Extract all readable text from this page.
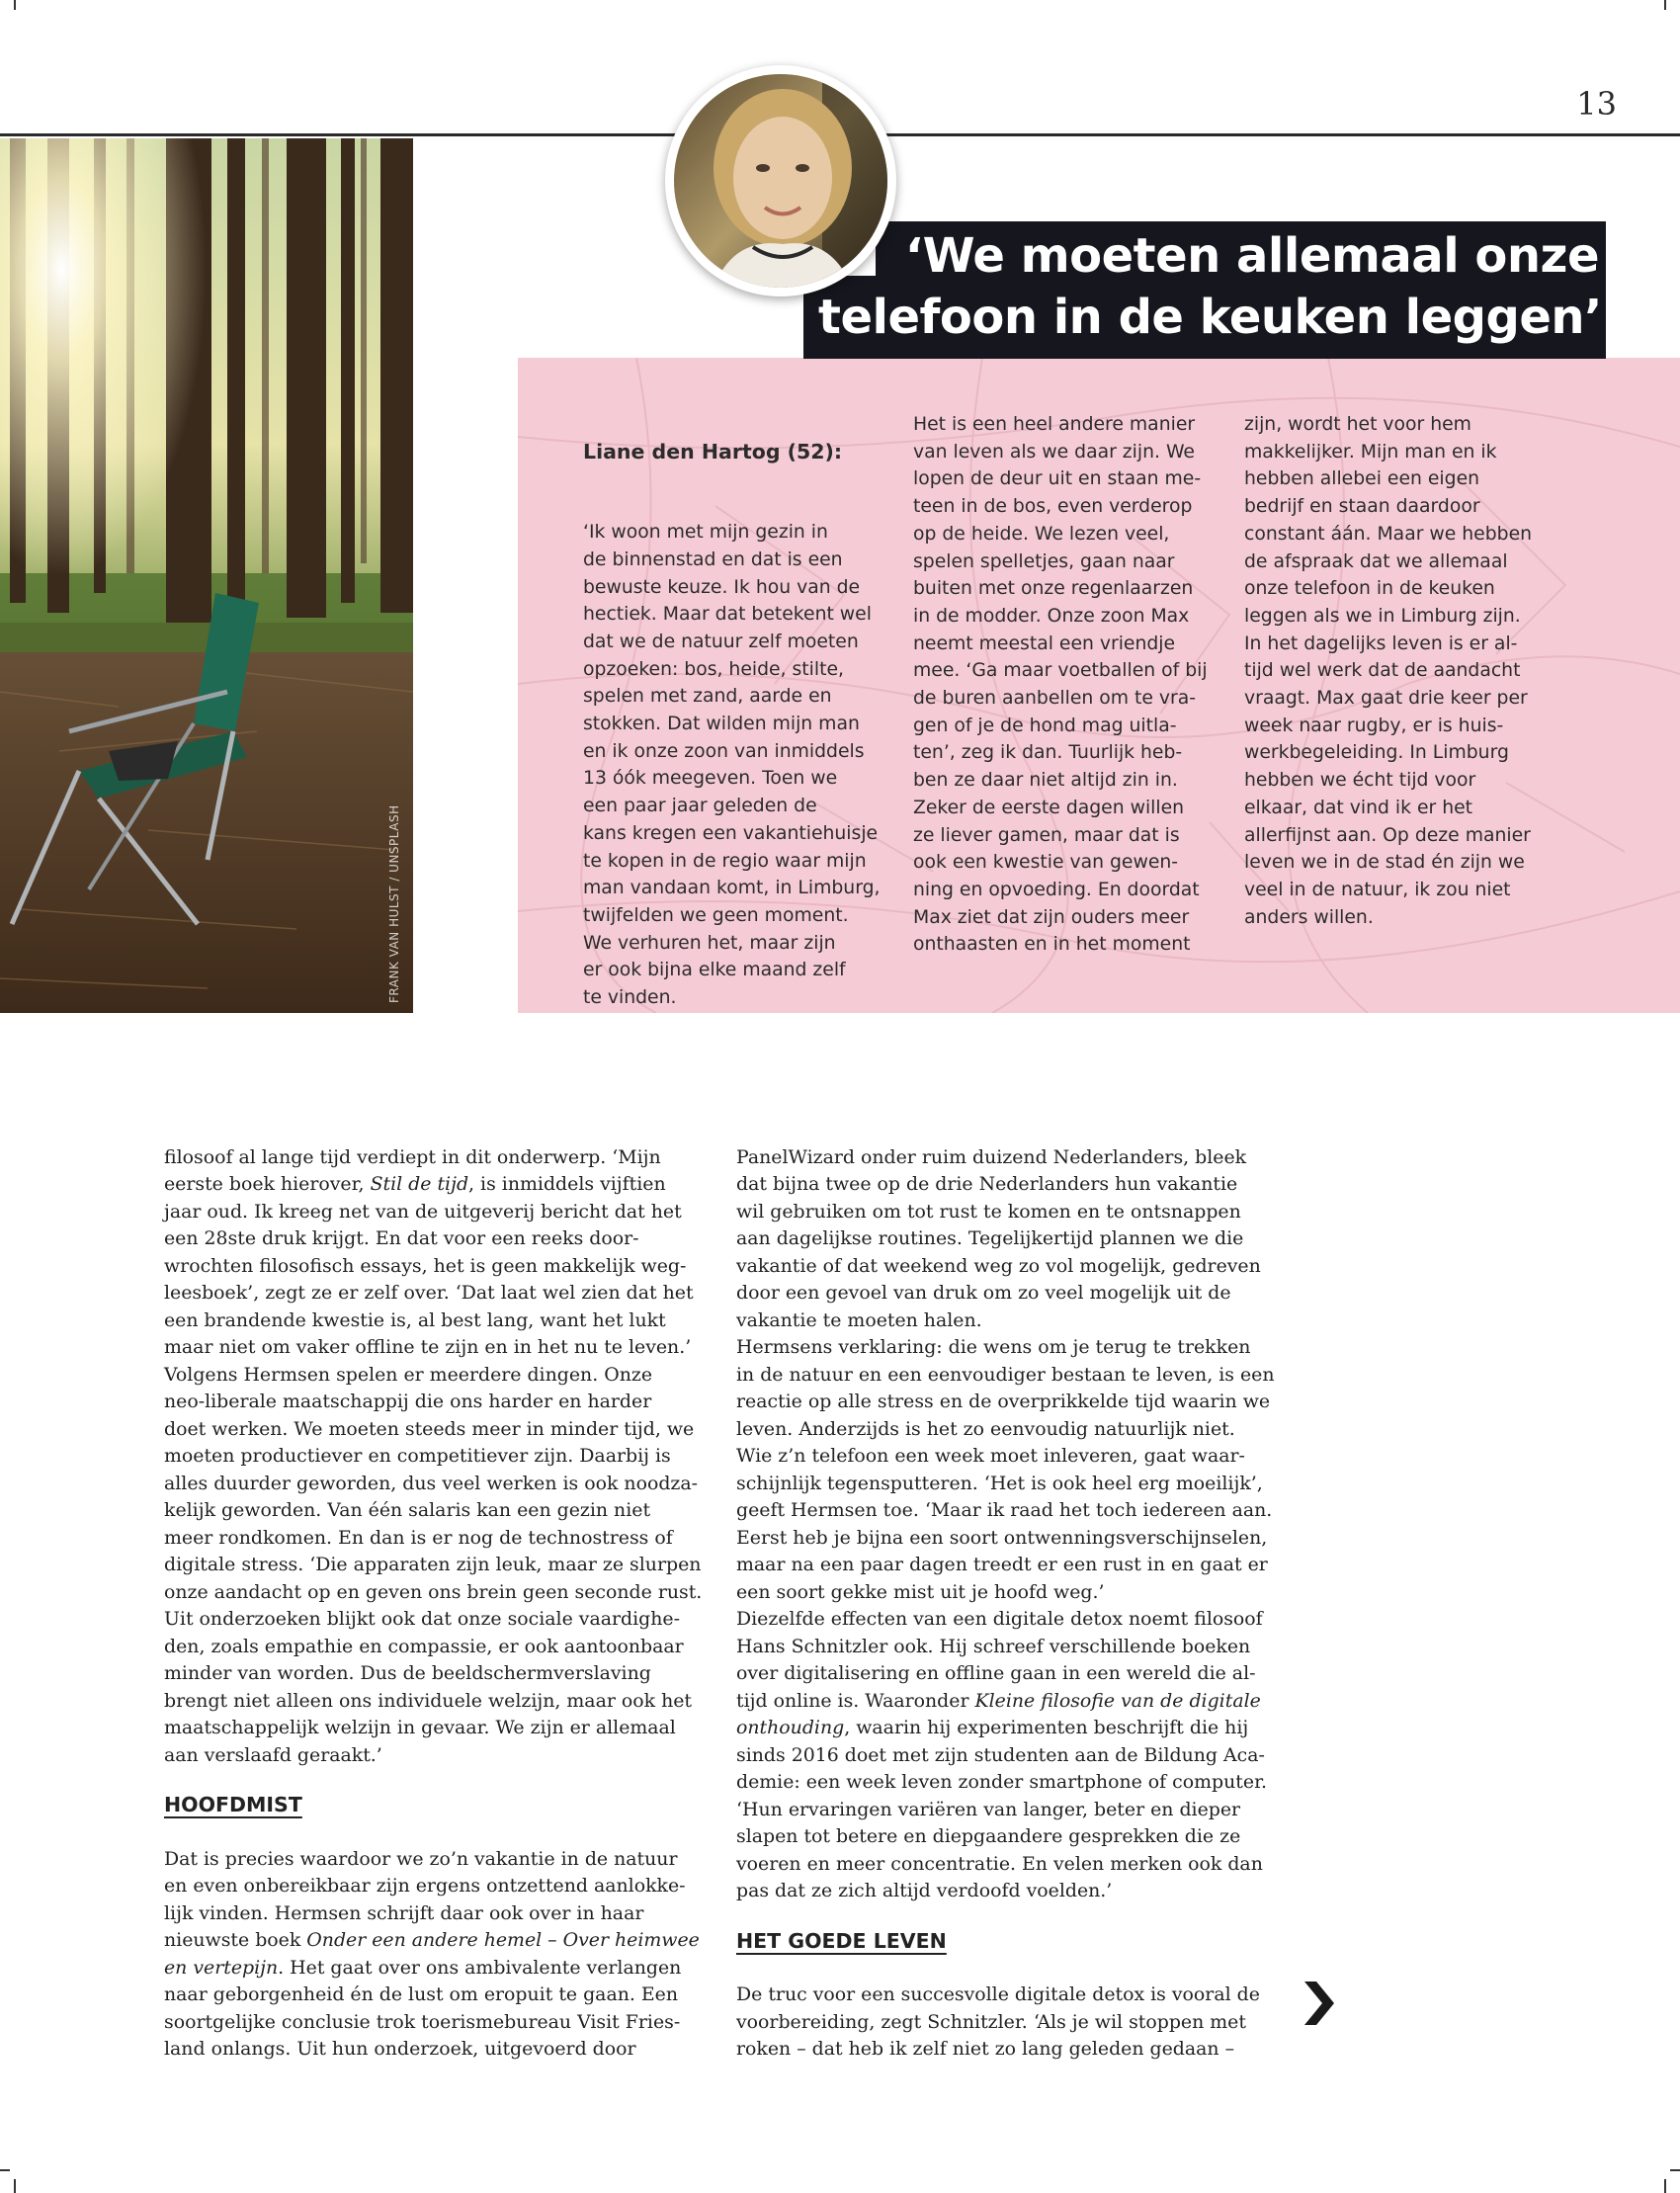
13
FRANK VAN HULST / UNSPLASH
‘We moeten allemaal onze
telefoon in de keuken leggen’

Liane den Hartog (52):

‘Ik woon met mijn gezin in
de binnenstad en dat is een
bewuste keuze. Ik hou van de
hectiek. Maar dat betekent wel
dat we de natuur zelf moeten
opzoeken: bos, heide, stilte,
spelen met zand, aarde en
stokken. Dat wilden mijn man
en ik onze zoon van inmiddels
13 óók meegeven. Toen we
een paar jaar geleden de
kans kregen een vakantiehuisje
te kopen in de regio waar mijn
man vandaan komt, in Limburg,
twijfelden we geen moment.
We verhuren het, maar zijn
er ook bijna elke maand zelf
te vinden.

Het is een heel andere manier
van leven als we daar zijn. We
lopen de deur uit en staan me-
teen in de bos, even verderop
op de heide. We lezen veel,
spelen spelletjes, gaan naar
buiten met onze regenlaarzen
in de modder. Onze zoon Max
neemt meestal een vriendje
mee. ‘Ga maar voetballen of bij
de buren aanbellen om te vra-
gen of je de hond mag uitla-
ten’, zeg ik dan. Tuurlijk heb-
ben ze daar niet altijd zin in.
Zeker de eerste dagen willen
ze liever gamen, maar dat is
ook een kwestie van gewen-
ning en opvoeding. En doordat
Max ziet dat zijn ouders meer
onthaasten en in het moment

zijn, wordt het voor hem
makkelijker. Mijn man en ik
hebben allebei een eigen
bedrijf en staan daardoor
constant áán. Maar we hebben
de afspraak dat we allemaal
onze telefoon in de keuken
leggen als we in Limburg zijn.
In het dagelijks leven is er al-
tijd wel werk dat de aandacht
vraagt. Max gaat drie keer per
week naar rugby, er is huis-
werkbegeleiding. In Limburg
hebben we écht tijd voor
elkaar, dat vind ik er het
allerfijnst aan. Op deze manier
leven we in de stad én zijn we
veel in de natuur, ik zou niet
anders willen.

filosoof al lange tijd verdiept in dit onderwerp. ‘Mijn
eerste boek hierover, Stil de tijd, is inmiddels vijftien
jaar oud. Ik kreeg net van de uitgeverij bericht dat het
een 28ste druk krijgt. En dat voor een reeks door-
wrochten filosofisch essays, het is geen makkelijk weg-
leesboek’, zegt ze er zelf over. ‘Dat laat wel zien dat het
een brandende kwestie is, al best lang, want het lukt
maar niet om vaker offline te zijn en in het nu te leven.’
Volgens Hermsen spelen er meerdere dingen. Onze
neo-liberale maatschappij die ons harder en harder
doet werken. We moeten steeds meer in minder tijd, we
moeten productiever en competitiever zijn. Daarbij is
alles duurder geworden, dus veel werken is ook noodza-
kelijk geworden. Van één salaris kan een gezin niet
meer rondkomen. En dan is er nog de technostress of
digitale stress. ‘Die apparaten zijn leuk, maar ze slurpen
onze aandacht op en geven ons brein geen seconde rust.
Uit onderzoeken blijkt ook dat onze sociale vaardighe-
den, zoals empathie en compassie, er ook aantoonbaar
minder van worden. Dus de beeldschermverslaving
brengt niet alleen ons individuele welzijn, maar ook het
maatschappelijk welzijn in gevaar. We zijn er allemaal
aan verslaafd geraakt.’

HOOFDMIST

Dat is precies waardoor we zo’n vakantie in de natuur
en even onbereikbaar zijn ergens ontzettend aanlokke-
lijk vinden. Hermsen schrijft daar ook over in haar
nieuwste boek Onder een andere hemel – Over heimwee
en vertepijn. Het gaat over ons ambivalente verlangen
naar geborgenheid én de lust om eropuit te gaan. Een
soortgelijke conclusie trok toerismebureau Visit Fries-
land onlangs. Uit hun onderzoek, uitgevoerd door

PanelWizard onder ruim duizend Nederlanders, bleek
dat bijna twee op de drie Nederlanders hun vakantie
wil gebruiken om tot rust te komen en te ontsnappen
aan dagelijkse routines. Tegelijkertijd plannen we die
vakantie of dat weekend weg zo vol mogelijk, gedreven
door een gevoel van druk om zo veel mogelijk uit de
vakantie te moeten halen.
Hermsens verklaring: die wens om je terug te trekken
in de natuur en een eenvoudiger bestaan te leven, is een
reactie op alle stress en de overprikkelde tijd waarin we
leven. Anderzijds is het zo eenvoudig natuurlijk niet.
Wie z’n telefoon een week moet inleveren, gaat waar-
schijnlijk tegensputteren. ‘Het is ook heel erg moeilijk’,
geeft Hermsen toe. ‘Maar ik raad het toch iedereen aan.
Eerst heb je bijna een soort ontwenningsverschijnselen,
maar na een paar dagen treedt er een rust in en gaat er
een soort gekke mist uit je hoofd weg.’
Diezelfde effecten van een digitale detox noemt filosoof
Hans Schnitzler ook. Hij schreef verschillende boeken
over digitalisering en offline gaan in een wereld die al-
tijd online is. Waaronder Kleine filosofie van de digitale
onthouding, waarin hij experimenten beschrijft die hij
sinds 2016 doet met zijn studenten aan de Bildung Aca-
demie: een week leven zonder smartphone of computer.
‘Hun ervaringen variëren van langer, beter en dieper
slapen tot betere en diepgaandere gesprekken die ze
voeren en meer concentratie. En velen merken ook dan
pas dat ze zich altijd verdoofd voelden.’

HET GOEDE LEVEN

De truc voor een succesvolle digitale detox is vooral de
voorbereiding, zegt Schnitzler. ‘Als je wil stoppen met
roken – dat heb ik zelf niet zo lang geleden gedaan –
